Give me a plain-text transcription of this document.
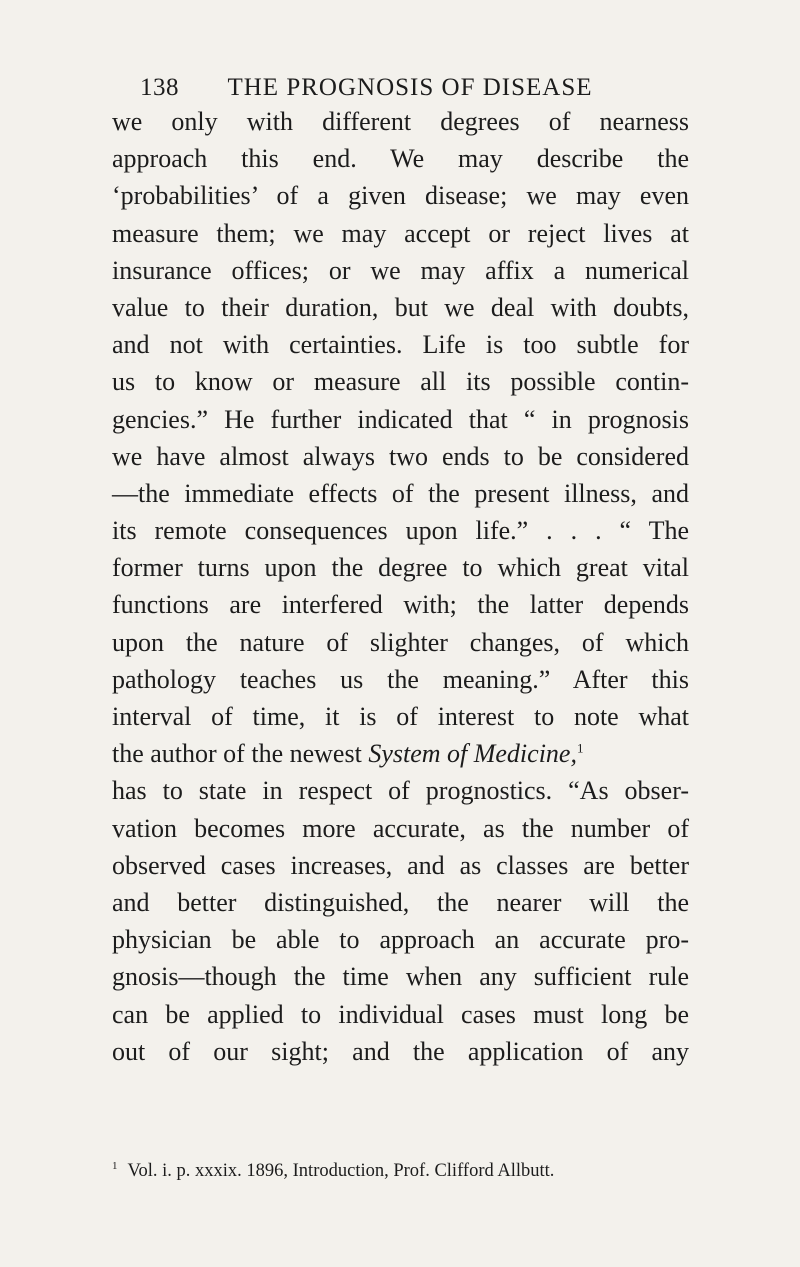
138	THE PROGNOSIS OF DISEASE
we only with different degrees of nearness
approach this end. We may describe the
‘probabilities’ of a given disease; we may even
measure them; we may accept or reject lives at
insurance offices; or we may affix a numerical
value to their duration, but we deal with doubts,
and not with certainties. Life is too subtle for
us to know or measure all its possible contin-
gencies.” He further indicated that “ in prognosis
we have almost always two ends to be considered
—the immediate effects of the present illness, and
its remote consequences upon life.” . . . “ The
former turns upon the degree to which great vital
functions are interfered with; the latter depends
upon the nature of slighter changes, of which
pathology teaches us the meaning.” After this
interval of time, it is of interest to note what
the author of the newest System of Medicine,$^1$
has to state in respect of prognostics. “As obser-
vation becomes more accurate, as the number of
observed cases increases, and as classes are better
and better distinguished, the nearer will the
physician be able to approach an accurate pro-
gnosis—though the time when any sufficient rule
can be applied to individual cases must long be
out of our sight; and the application of any
$^1$ Vol. i. p. xxxix. 1896, Introduction, Prof. Clifford Allbutt.
